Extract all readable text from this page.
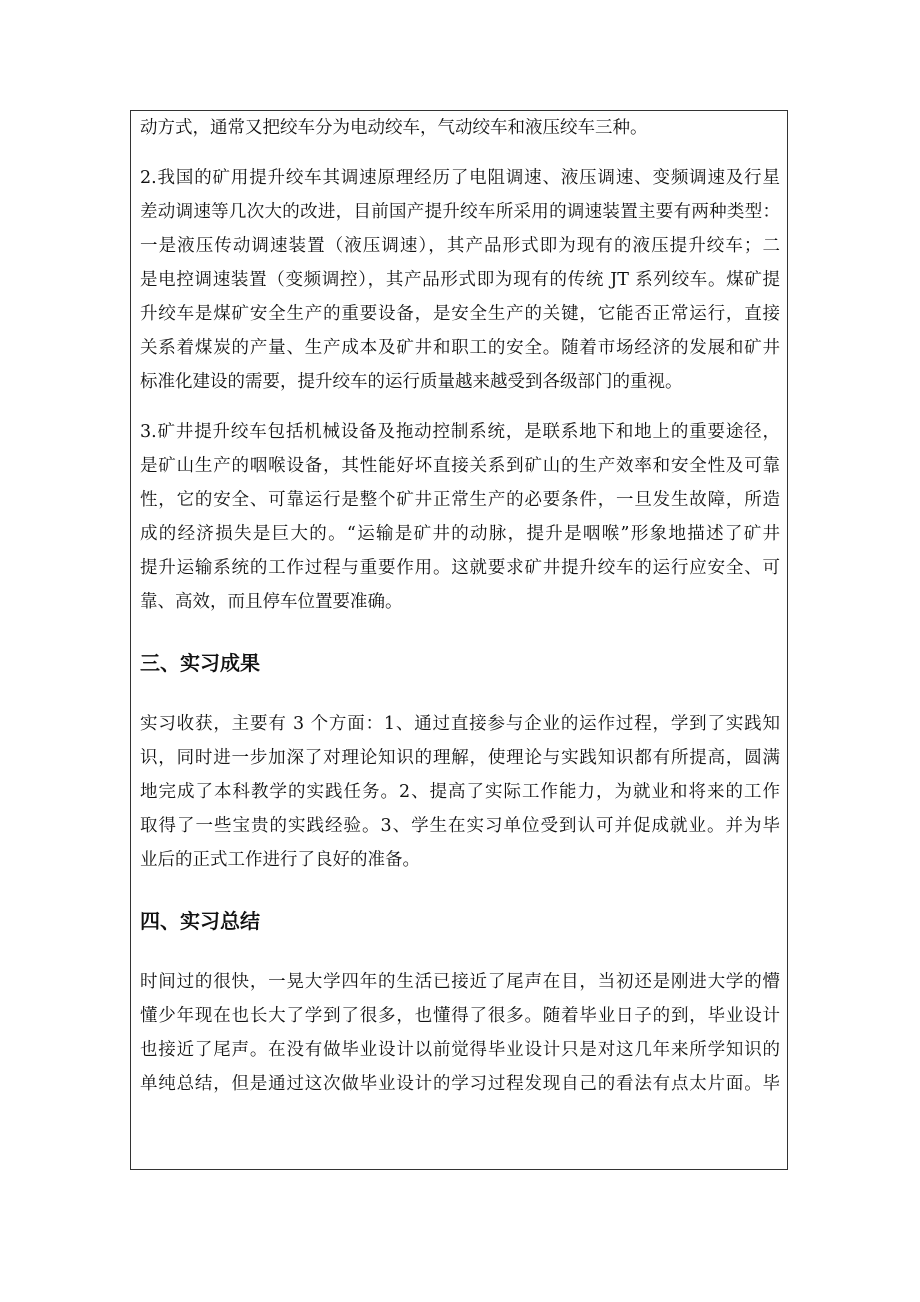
动方式，通常又把绞车分为电动绞车，气动绞车和液压绞车三种。
2.我国的矿用提升绞车其调速原理经历了电阻调速、液压调速、变频调速及行星
差动调速等几次大的改进，目前国产提升绞车所采用的调速装置主要有两种类型：
一是液压传动调速装置（液压调速），其产品形式即为现有的液压提升绞车；二
是电控调速装置（变频调控），其产品形式即为现有的传统 JT 系列绞车。煤矿提
升绞车是煤矿安全生产的重要设备，是安全生产的关键，它能否正常运行，直接
关系着煤炭的产量、生产成本及矿井和职工的安全。随着市场经济的发展和矿井
标准化建设的需要，提升绞车的运行质量越来越受到各级部门的重视。
3.矿井提升绞车包括机械设备及拖动控制系统，是联系地下和地上的重要途径，
是矿山生产的咽喉设备，其性能好坏直接关系到矿山的生产效率和安全性及可靠
性，它的安全、可靠运行是整个矿井正常生产的必要条件，一旦发生故障，所造
成的经济损失是巨大的。“运输是矿井的动脉，提升是咽喉”形象地描述了矿井
提升运输系统的工作过程与重要作用。这就要求矿井提升绞车的运行应安全、可
靠、高效，而且停车位置要准确。
三、实习成果
实习收获，主要有 3 个方面：1、通过直接参与企业的运作过程，学到了实践知
识，同时进一步加深了对理论知识的理解，使理论与实践知识都有所提高，圆满
地完成了本科教学的实践任务。2、提高了实际工作能力，为就业和将来的工作
取得了一些宝贵的实践经验。3、学生在实习单位受到认可并促成就业。并为毕
业后的正式工作进行了良好的准备。
四、实习总结
时间过的很快，一晃大学四年的生活已接近了尾声在目，当初还是刚进大学的懵
懂少年现在也长大了学到了很多，也懂得了很多。随着毕业日子的到，毕业设计
也接近了尾声。在没有做毕业设计以前觉得毕业设计只是对这几年来所学知识的
单纯总结，但是通过这次做毕业设计的学习过程发现自己的看法有点太片面。毕
